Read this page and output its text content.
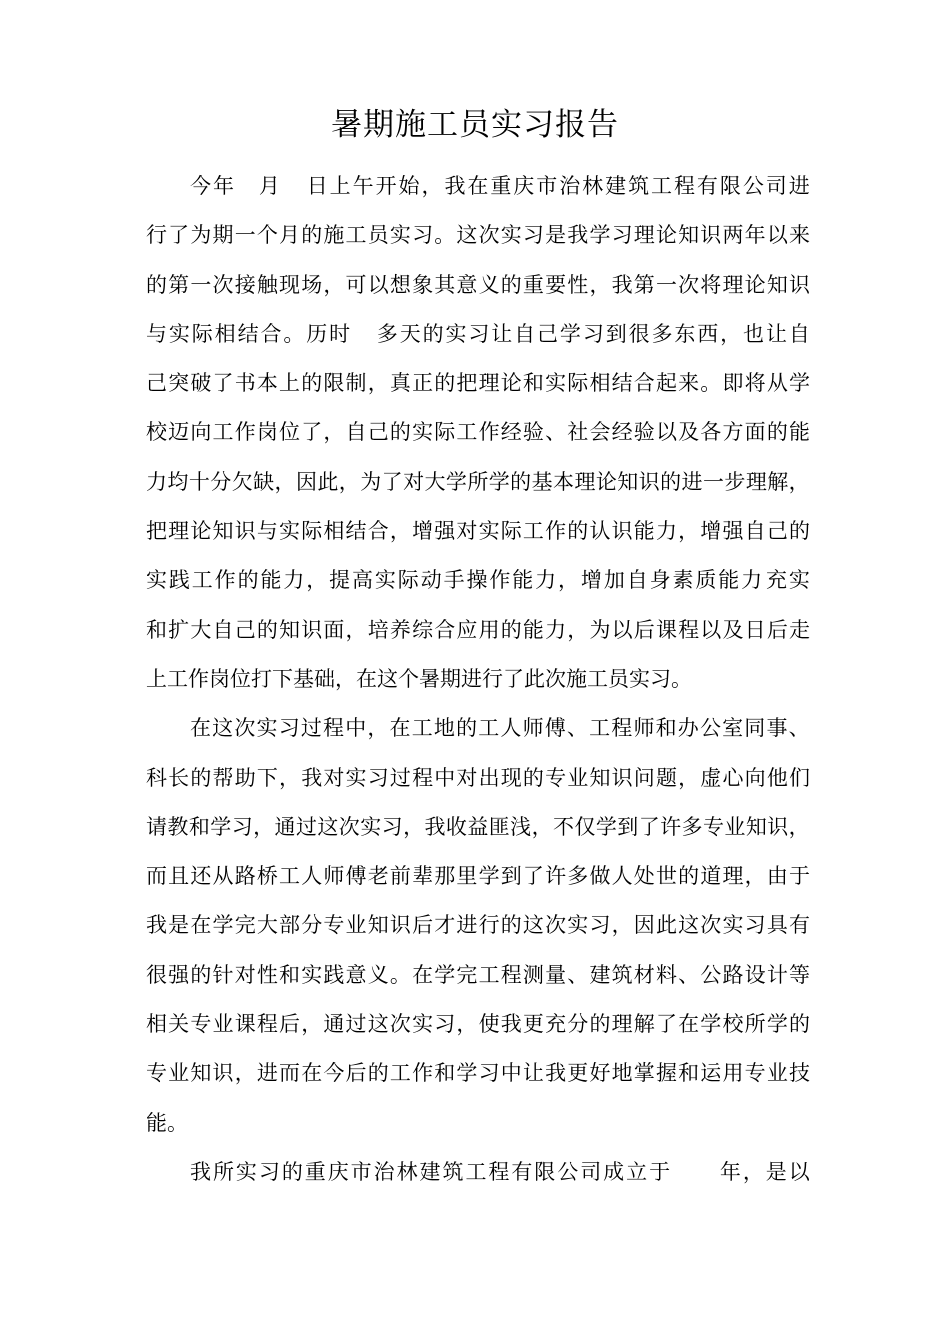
暑期施工员实习报告
今 年
　 月
　 日 上 午 开 始 ， 我 在 重 庆 市 治 林 建 筑 工 程 有 限 公 司 进
行 了 为 期 一 个 月 的 施 工 员 实 习 。 这 次 实 习 是 我 学 习 理 论 知 识 两 年 以 来
的 第 一 次 接 触 现 场 ， 可 以 想 象 其 意 义 的 重 要 性 ， 我 第 一 次 将 理 论 知 识
与 实 际 相 结 合 。 历 时
　 多 天 的 实 习 让 自 己 学 习 到 很 多 东 西 ， 也 让 自
己 突 破 了 书 本 上 的 限 制 ， 真 正 的 把 理 论 和 实 际 相 结 合 起 来 。 即 将 从 学
校 迈 向 工 作 岗 位 了 ， 自 己 的 实 际 工 作 经 验 、 社 会 经 验 以 及 各 方 面 的 能
力 均 十 分 欠 缺 ， 因 此 ， 为 了 对 大 学 所 学 的 基 本 理 论 知 识 的 进 一 步 理 解 ，
把 理 论 知 识 与 实 际 相 结 合 ， 增 强 对 实 际 工 作 的 认 识 能 力 ， 增 强 自 己 的
实 践 工 作 的 能 力 ， 提 高 实 际 动 手 操 作 能 力 ， 增 加 自 身 素 质 能 力 充 实
和 扩 大 自 己 的 知 识 面 ， 培 养 综 合 应 用 的 能 力 ， 为 以 后 课 程 以 及 日 后 走
上工作岗位打下基础，在这个暑期进行了此次施工员实习。
在 这 次 实 习 过 程 中 ， 在 工 地 的 工 人 师 傅 、 工 程 师 和 办 公 室 同 事 、
科 长 的 帮 助 下 ， 我 对 实 习 过 程 中 对 出 现 的 专 业 知 识 问 题 ， 虚 心 向 他 们
请 教 和 学 习 ， 通 过 这 次 实 习 ， 我 收 益 匪 浅 ， 不 仅 学 到 了 许 多 专 业 知 识 ，
而 且 还 从 路 桥 工 人 师 傅 老 前 辈 那 里 学 到 了 许 多 做 人 处 世 的 道 理 ， 由 于
我 是 在 学 完 大 部 分 专 业 知 识 后 才 进 行 的 这 次 实 习 ， 因 此 这 次 实 习 具 有
很 强 的 针 对 性 和 实 践 意 义 。 在 学 完 工 程 测 量 、 建 筑 材 料 、 公 路 设 计 等
相 关 专 业 课 程 后 ， 通 过 这 次 实 习 ， 使 我 更 充 分 的 理 解 了 在 学 校 所 学 的
专 业 知 识 ， 进 而 在 今 后 的 工 作 和 学 习 中 让 我 更 好 地 掌 握 和 运 用 专 业 技
能。
我 所 实 习 的 重 庆 市 治 林 建 筑 工 程 有 限 公 司 成 立 于

　 年 ， 是 以
